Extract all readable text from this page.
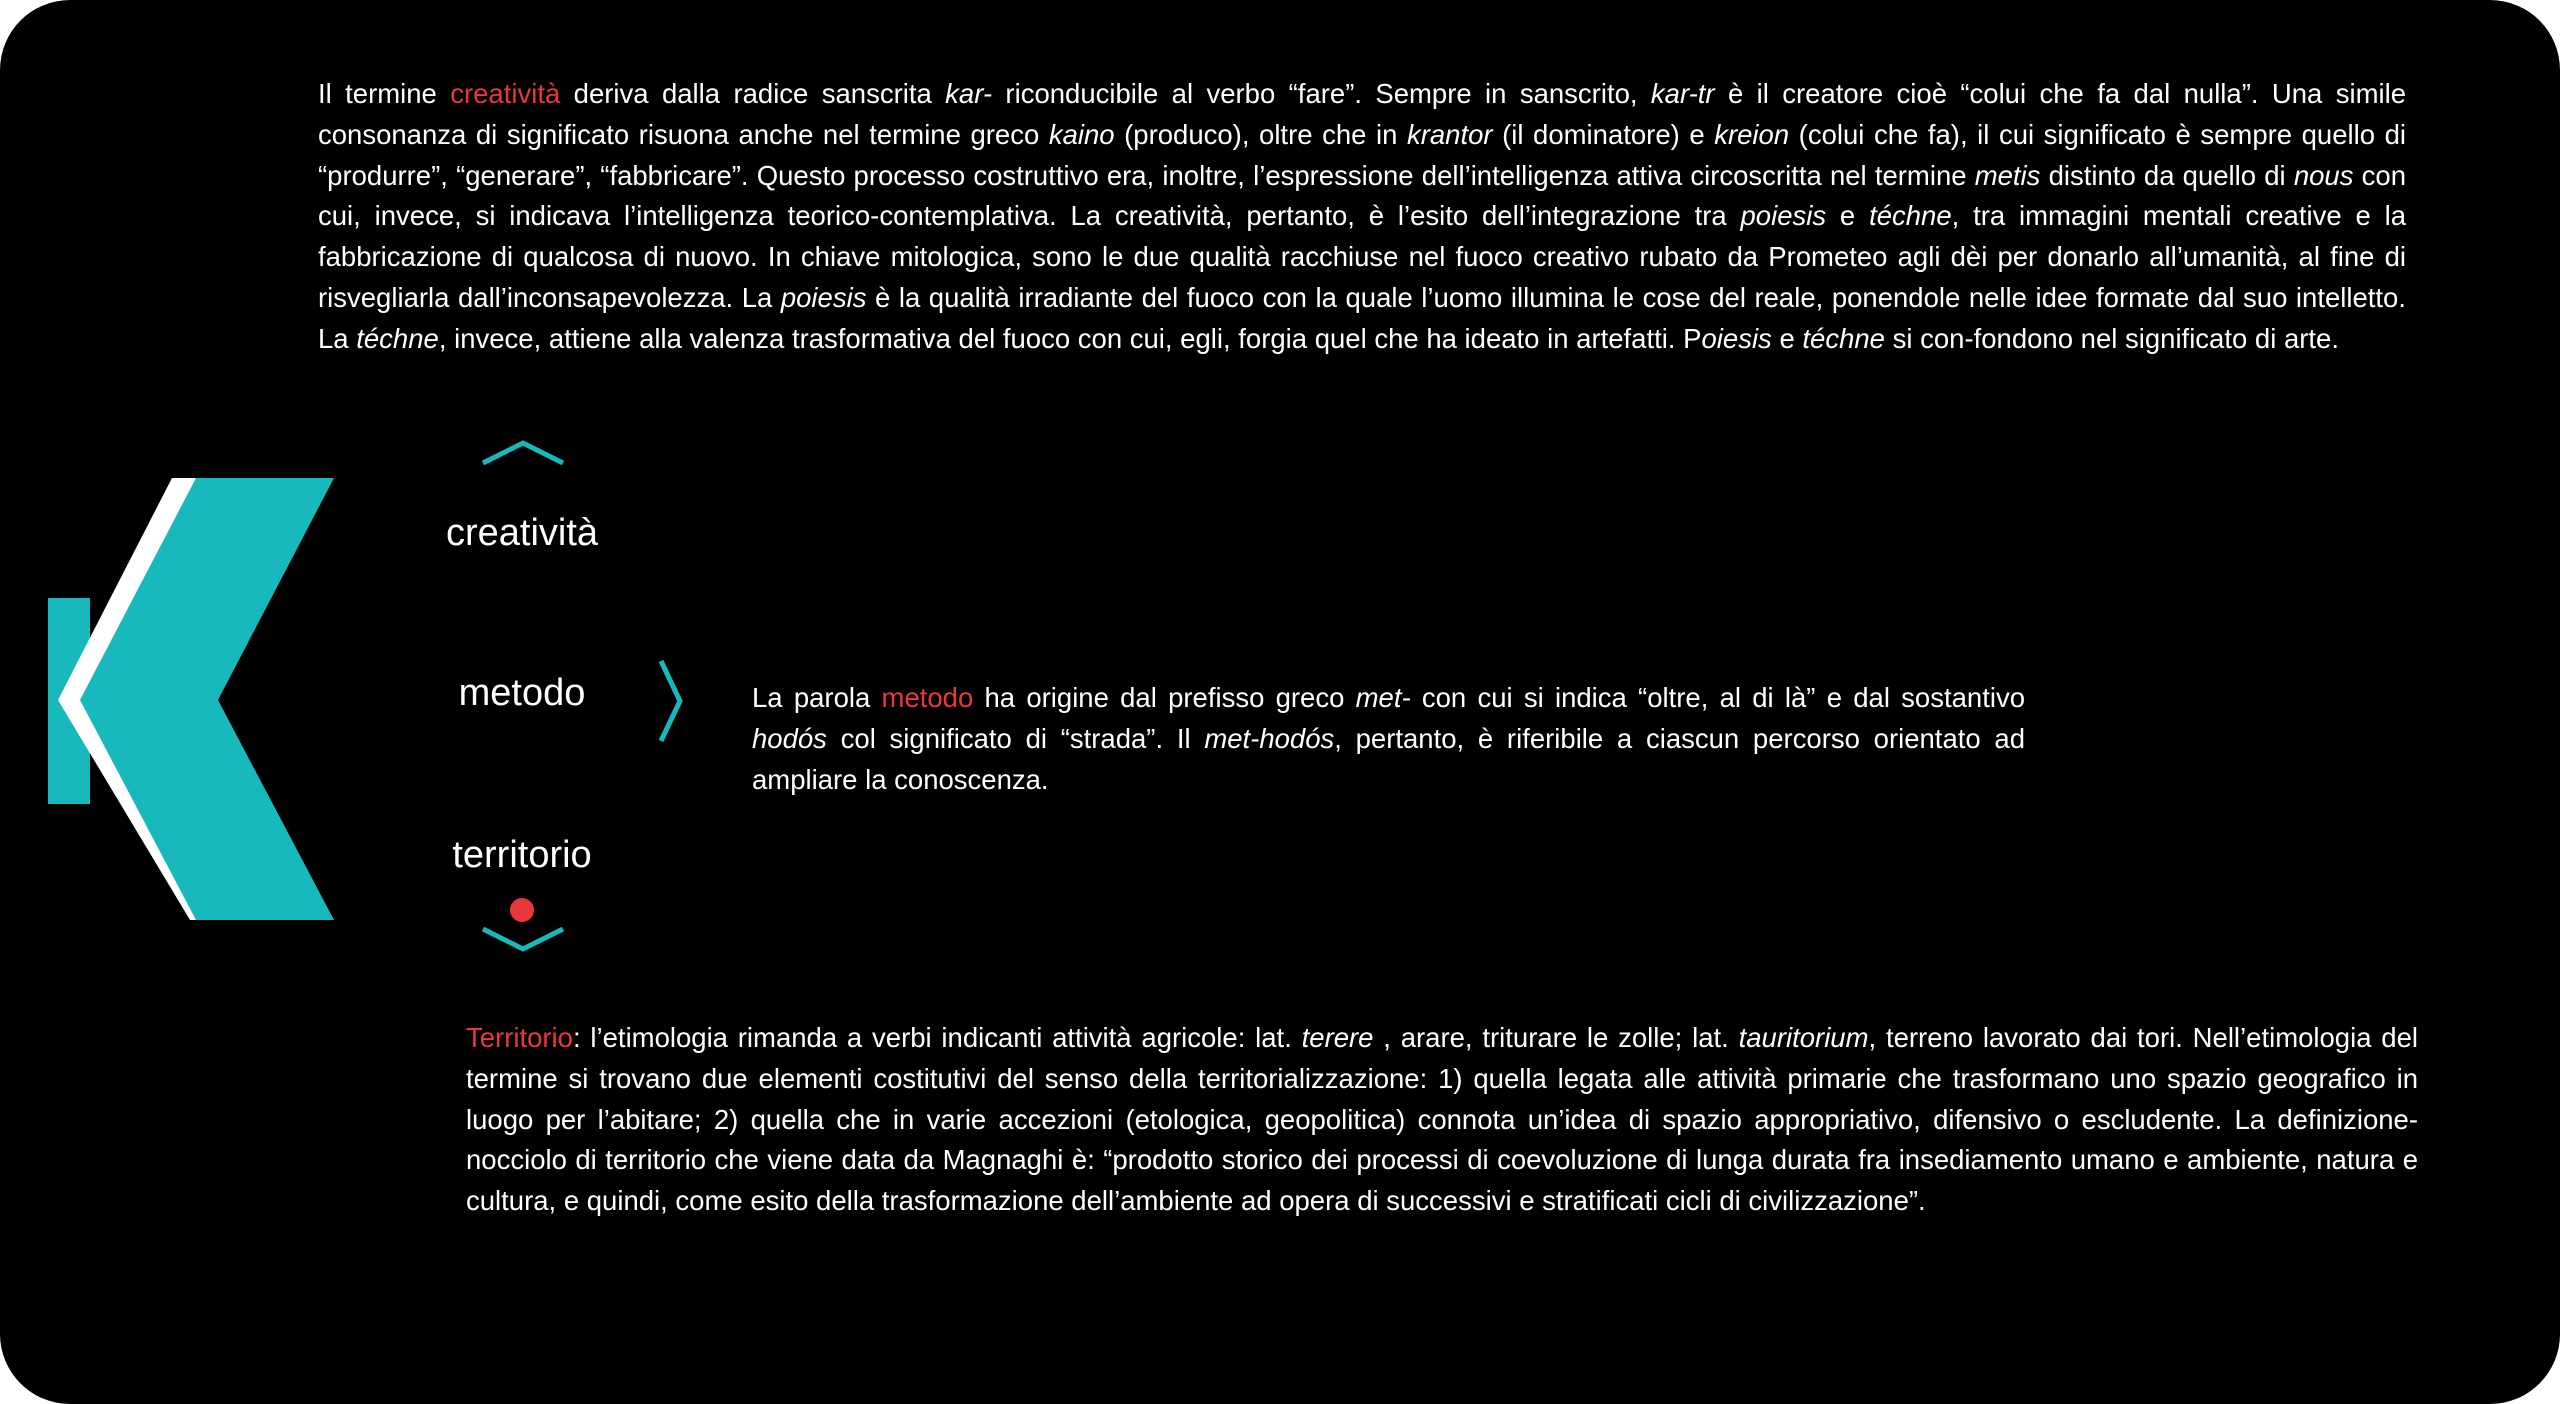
Il termine creatività deriva dalla radice sanscrita kar- riconducibile al verbo “fare”. Sempre in sanscrito, kar-tr è il creatore cioè “colui che fa dal nulla”. Una simile consonanza di significato risuona anche nel termine greco kaino (produco), oltre che in krantor (il dominatore) e kreion (colui che fa), il cui significato è sempre quello di “produrre”, “generare”, “fabbricare”. Questo processo costruttivo era, inoltre, l’espressione dell’intelligenza attiva circoscritta nel termine metis distinto da quello di nous con cui, invece, si indicava l’intelligenza teorico-contemplativa. La creatività, pertanto, è l’esito dell’integrazione tra poiesis e téchne, tra immagini mentali creative e la fabbricazione di qualcosa di nuovo. In chiave mitologica, sono le due qualità racchiuse nel fuoco creativo rubato da Prometeo agli dèi per donarlo all’umanità, al fine di risvegliarla dall’inconsapevolezza. La poiesis è la qualità irradiante del fuoco con la quale l’uomo illumina le cose del reale, ponendole nelle idee formate dal suo intelletto. La téchne, invece, attiene alla valenza trasformativa del fuoco con cui, egli, forgia quel che ha ideato in artefatti. Poiesis e téchne si con-fondono nel significato di arte.

creatività
metodo
territorio

La parola metodo ha origine dal prefisso greco met- con cui si indica “oltre, al di là” e dal sostantivo hodós col significato di “strada”. Il met-hodós, pertanto, è riferibile a ciascun percorso orientato ad ampliare la conoscenza.

Territorio: l’etimologia rimanda a verbi indicanti attività agricole: lat. terere , arare, triturare le zolle; lat. tauritorium, terreno lavorato dai tori. Nell’etimologia del termine si trovano due elementi costitutivi del senso della territorializzazione: 1) quella legata alle attività primarie che trasformano uno spazio geografico in luogo per l’abitare; 2) quella che in varie accezioni (etologica, geopolitica) connota un’idea di spazio appropriativo, difensivo o escludente. La definizione-nocciolo di territorio che viene data da Magnaghi è: “prodotto storico dei processi di coevoluzione di lunga durata fra insediamento umano e ambiente, natura e cultura, e quindi, come esito della trasformazione dell’ambiente ad opera di successivi e stratificati cicli di civilizzazione”.
